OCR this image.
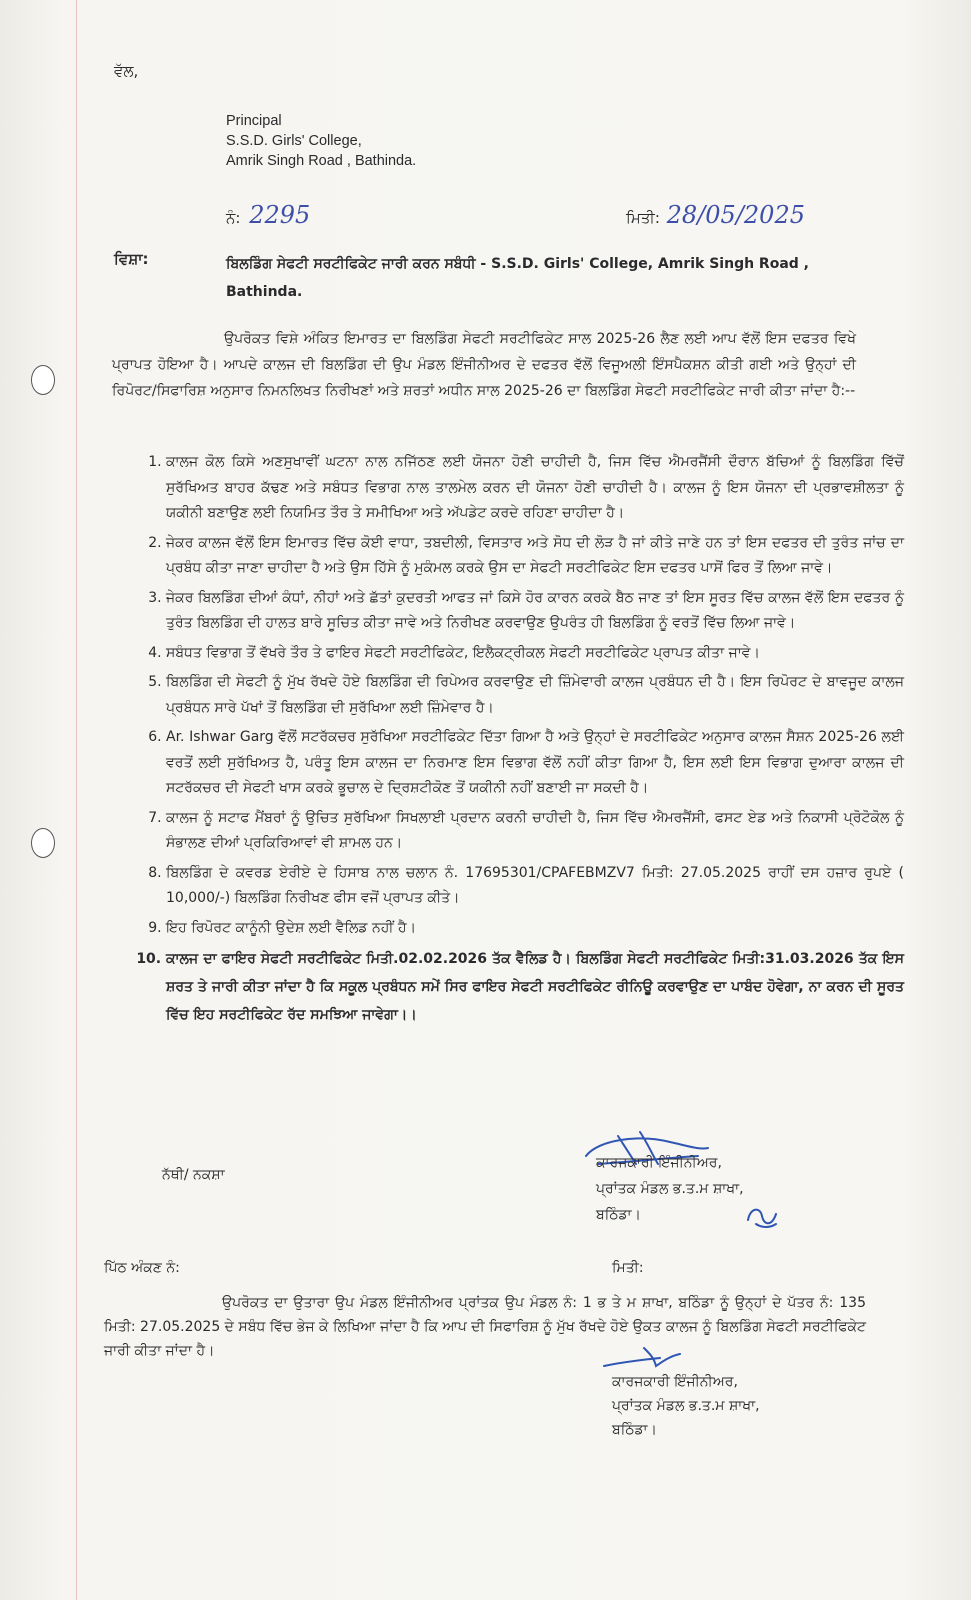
ਵੱਲ,
Principal
S.S.D. Girls' College,
Amrik Singh Road , Bathinda.
ਨੰ: 2295	ਮਿਤੀ: 28/05/2025
ਵਿਸ਼ਾ:	ਬਿਲਡਿੰਗ ਸੇਫਟੀ ਸਰਟੀਫਿਕੇਟ ਜਾਰੀ ਕਰਨ ਸਬੰਧੀ - S.S.D. Girls' College, Amrik Singh Road , Bathinda.
ਉਪਰੋਕਤ ਵਿਸ਼ੇ ਅੰਕਿਤ ਇਮਾਰਤ ਦਾ ਬਿਲਡਿੰਗ ਸੇਫਟੀ ਸਰਟੀਫਿਕੇਟ ਸਾਲ 2025-26 ਲੈਣ ਲਈ ਆਪ ਵੱਲੋਂ ਇਸ ਦਫਤਰ ਵਿਖੇ ਪ੍ਰਾਪਤ ਹੋਇਆ ਹੈ। ਆਪਦੇ ਕਾਲਜ ਦੀ ਬਿਲਡਿੰਗ ਦੀ ਉਪ ਮੰਡਲ ਇੰਜੀਨੀਅਰ ਦੇ ਦਫਤਰ ਵੱਲੋਂ ਵਿਜੂਅਲੀ ਇੰਸਪੈਕਸ਼ਨ ਕੀਤੀ ਗਈ ਅਤੇ ਉਨ੍ਹਾਂ ਦੀ ਰਿਪੋਰਟ/ਸਿਫਾਰਿਸ਼ ਅਨੁਸਾਰ ਨਿਮਨਲਿਖਤ ਨਿਰੀਖਣਾਂ ਅਤੇ ਸ਼ਰਤਾਂ ਅਧੀਨ ਸਾਲ 2025-26 ਦਾ ਬਿਲਡਿੰਗ ਸੇਫਟੀ ਸਰਟੀਫਿਕੇਟ ਜਾਰੀ ਕੀਤਾ ਜਾਂਦਾ ਹੈ:--
1. ਕਾਲਜ ਕੋਲ ਕਿਸੇ ਅਣਸੁਖਾਵੀਂ ਘਟਨਾ ਨਾਲ ਨਜਿੱਠਣ ਲਈ ਯੋਜਨਾ ਹੋਣੀ ਚਾਹੀਦੀ ਹੈ, ਜਿਸ ਵਿੱਚ ਐਮਰਜੈਂਸੀ ਦੌਰਾਨ ਬੱਚਿਆਂ ਨੂੰ ਬਿਲਡਿੰਗ ਵਿੱਚੋਂ ਸੁਰੱਖਿਅਤ ਬਾਹਰ ਕੱਢਣ ਅਤੇ ਸਬੰਧਤ ਵਿਭਾਗ ਨਾਲ ਤਾਲਮੇਲ ਕਰਨ ਦੀ ਯੋਜਨਾ ਹੋਣੀ ਚਾਹੀਦੀ ਹੈ। ਕਾਲਜ ਨੂੰ ਇਸ ਯੋਜਨਾ ਦੀ ਪ੍ਰਭਾਵਸ਼ੀਲਤਾ ਨੂੰ ਯਕੀਨੀ ਬਣਾਉਣ ਲਈ ਨਿਯਮਿਤ ਤੌਰ ਤੇ ਸਮੀਖਿਆ ਅਤੇ ਅੱਪਡੇਟ ਕਰਦੇ ਰਹਿਣਾ ਚਾਹੀਦਾ ਹੈ।
2. ਜੇਕਰ ਕਾਲਜ ਵੱਲੋਂ ਇਸ ਇਮਾਰਤ ਵਿੱਚ ਕੋਈ ਵਾਧਾ, ਤਬਦੀਲੀ, ਵਿਸਤਾਰ ਅਤੇ ਸੋਧ ਦੀ ਲੋੜ ਹੈ ਜਾਂ ਕੀਤੇ ਜਾਣੇ ਹਨ ਤਾਂ ਇਸ ਦਫਤਰ ਦੀ ਤੁਰੰਤ ਜਾਂਚ ਦਾ ਪ੍ਰਬੰਧ ਕੀਤਾ ਜਾਣਾ ਚਾਹੀਦਾ ਹੈ ਅਤੇ ਉਸ ਹਿੱਸੇ ਨੂੰ ਮੁਕੰਮਲ ਕਰਕੇ ਉਸ ਦਾ ਸੇਫਟੀ ਸਰਟੀਫਿਕੇਟ ਇਸ ਦਫਤਰ ਪਾਸੋਂ ਫਿਰ ਤੋਂ ਲਿਆ ਜਾਵੇ।
3. ਜੇਕਰ ਬਿਲਡਿੰਗ ਦੀਆਂ ਕੰਧਾਂ, ਨੀਹਾਂ ਅਤੇ ਛੱਤਾਂ ਕੁਦਰਤੀ ਆਫਤ ਜਾਂ ਕਿਸੇ ਹੋਰ ਕਾਰਨ ਕਰਕੇ ਬੈਠ ਜਾਣ ਤਾਂ ਇਸ ਸੂਰਤ ਵਿੱਚ ਕਾਲਜ ਵੱਲੋਂ ਇਸ ਦਫਤਰ ਨੂੰ ਤੁਰੰਤ ਬਿਲਡਿੰਗ ਦੀ ਹਾਲਤ ਬਾਰੇ ਸੂਚਿਤ ਕੀਤਾ ਜਾਵੇ ਅਤੇ ਨਿਰੀਖਣ ਕਰਵਾਉਣ ਉਪਰੰਤ ਹੀ ਬਿਲਡਿੰਗ ਨੂੰ ਵਰਤੋਂ ਵਿੱਚ ਲਿਆ ਜਾਵੇ।
4. ਸਬੰਧਤ ਵਿਭਾਗ ਤੋਂ ਵੱਖਰੇ ਤੌਰ ਤੇ ਫਾਇਰ ਸੇਫਟੀ ਸਰਟੀਫਿਕੇਟ, ਇਲੈਕਟ੍ਰੀਕਲ ਸੇਫਟੀ ਸਰਟੀਫਿਕੇਟ ਪ੍ਰਾਪਤ ਕੀਤਾ ਜਾਵੇ।
5. ਬਿਲਡਿੰਗ ਦੀ ਸੇਫਟੀ ਨੂੰ ਮੁੱਖ ਰੱਖਦੇ ਹੋਏ ਬਿਲਡਿੰਗ ਦੀ ਰਿਪੇਅਰ ਕਰਵਾਉਣ ਦੀ ਜ਼ਿੰਮੇਵਾਰੀ ਕਾਲਜ ਪ੍ਰਬੰਧਨ ਦੀ ਹੈ। ਇਸ ਰਿਪੋਰਟ ਦੇ ਬਾਵਜੂਦ ਕਾਲਜ ਪ੍ਰਬੰਧਨ ਸਾਰੇ ਪੱਖਾਂ ਤੋਂ ਬਿਲਡਿੰਗ ਦੀ ਸੁਰੱਖਿਆ ਲਈ ਜ਼ਿੰਮੇਵਾਰ ਹੈ।
6. Ar. Ishwar Garg ਵੱਲੋਂ ਸਟਰੱਕਚਰ ਸੁਰੱਖਿਆ ਸਰਟੀਫਿਕੇਟ ਦਿੱਤਾ ਗਿਆ ਹੈ ਅਤੇ ਉਨ੍ਹਾਂ ਦੇ ਸਰਟੀਫਿਕੇਟ ਅਨੁਸਾਰ ਕਾਲਜ ਸੈਸ਼ਨ 2025-26 ਲਈ ਵਰਤੋਂ ਲਈ ਸੁਰੱਖਿਅਤ ਹੈ, ਪਰੰਤੂ ਇਸ ਕਾਲਜ ਦਾ ਨਿਰਮਾਣ ਇਸ ਵਿਭਾਗ ਵੱਲੋਂ ਨਹੀਂ ਕੀਤਾ ਗਿਆ ਹੈ, ਇਸ ਲਈ ਇਸ ਵਿਭਾਗ ਦੁਆਰਾ ਕਾਲਜ ਦੀ ਸਟਰੱਕਚਰ ਦੀ ਸੇਫਟੀ ਖਾਸ ਕਰਕੇ ਭੂਚਾਲ ਦੇ ਦ੍ਰਿਸ਼ਟੀਕੋਣ ਤੋਂ ਯਕੀਨੀ ਨਹੀਂ ਬਣਾਈ ਜਾ ਸਕਦੀ ਹੈ।
7. ਕਾਲਜ ਨੂੰ ਸਟਾਫ ਮੈਂਬਰਾਂ ਨੂੰ ਉਚਿਤ ਸੁਰੱਖਿਆ ਸਿਖਲਾਈ ਪ੍ਰਦਾਨ ਕਰਨੀ ਚਾਹੀਦੀ ਹੈ, ਜਿਸ ਵਿੱਚ ਐਮਰਜੈਂਸੀ, ਫਸਟ ਏਡ ਅਤੇ ਨਿਕਾਸੀ ਪ੍ਰੋਟੋਕੋਲ ਨੂੰ ਸੰਭਾਲਣ ਦੀਆਂ ਪ੍ਰਕਿਰਿਆਵਾਂ ਵੀ ਸ਼ਾਮਲ ਹਨ।
8. ਬਿਲਡਿੰਗ ਦੇ ਕਵਰਡ ਏਰੀਏ ਦੇ ਹਿਸਾਬ ਨਾਲ ਚਲਾਨ ਨੰ. 17695301/CPAFEBMZV7 ਮਿਤੀ: 27.05.2025 ਰਾਹੀਂ ਦਸ ਹਜ਼ਾਰ ਰੁਪਏ ( 10,000/-) ਬਿਲਡਿੰਗ ਨਿਰੀਖਣ ਫੀਸ ਵਜੋਂ ਪ੍ਰਾਪਤ ਕੀਤੇ।
9. ਇਹ ਰਿਪੋਰਟ ਕਾਨੂੰਨੀ ਉਦੇਸ਼ ਲਈ ਵੈਲਿਡ ਨਹੀਂ ਹੈ।
10. ਕਾਲਜ ਦਾ ਫਾਇਰ ਸੇਫਟੀ ਸਰਟੀਫਿਕੇਟ ਮਿਤੀ.02.02.2026 ਤੱਕ ਵੈਲਿਡ ਹੈ। ਬਿਲਡਿੰਗ ਸੇਫਟੀ ਸਰਟੀਫਿਕੇਟ ਮਿਤੀ:31.03.2026 ਤੱਕ ਇਸ ਸ਼ਰਤ ਤੇ ਜਾਰੀ ਕੀਤਾ ਜਾਂਦਾ ਹੈ ਕਿ ਸਕੂਲ ਪ੍ਰਬੰਧਨ ਸਮੇਂ ਸਿਰ ਫਾਇਰ ਸੇਫਟੀ ਸਰਟੀਫਿਕੇਟ ਰੀਨਿਊ ਕਰਵਾਉਣ ਦਾ ਪਾਬੰਦ ਹੋਵੇਗਾ, ਨਾ ਕਰਨ ਦੀ ਸੂਰਤ ਵਿੱਚ ਇਹ ਸਰਟੀਫਿਕੇਟ ਰੱਦ ਸਮਝਿਆ ਜਾਵੇਗਾ।।
ਨੱਥੀ/ ਨਕਸ਼ਾ
ਕਾਰਜਕਾਰੀ ਇੰਜੀਨੀਅਰ,
ਪ੍ਰਾਂਤਕ ਮੰਡਲ ਭ.ਤ.ਮ ਸ਼ਾਖਾ,
ਬਠਿੰਡਾ।
ਪਿੱਠ ਅੰਕਣ ਨੰ:	ਮਿਤੀ:
ਉਪਰੋਕਤ ਦਾ ਉਤਾਰਾ ਉਪ ਮੰਡਲ ਇੰਜੀਨੀਅਰ ਪ੍ਰਾਂਤਕ ਉਪ ਮੰਡਲ ਨੰ: 1 ਭ ਤੇ ਮ ਸ਼ਾਖਾ, ਬਠਿੰਡਾ ਨੂੰ ਉਨ੍ਹਾਂ ਦੇ ਪੱਤਰ ਨੰ: 135 ਮਿਤੀ: 27.05.2025 ਦੇ ਸਬੰਧ ਵਿੱਚ ਭੇਜ ਕੇ ਲਿਖਿਆ ਜਾਂਦਾ ਹੈ ਕਿ ਆਪ ਦੀ ਸਿਫਾਰਿਸ਼ ਨੂੰ ਮੁੱਖ ਰੱਖਦੇ ਹੋਏ ਉਕਤ ਕਾਲਜ ਨੂੰ ਬਿਲਡਿੰਗ ਸੇਫਟੀ ਸਰਟੀਫਿਕੇਟ ਜਾਰੀ ਕੀਤਾ ਜਾਂਦਾ ਹੈ।
ਕਾਰਜਕਾਰੀ ਇੰਜੀਨੀਅਰ,
ਪ੍ਰਾਂਤਕ ਮੰਡਲ ਭ.ਤ.ਮ ਸ਼ਾਖਾ,
ਬਠਿੰਡਾ।
